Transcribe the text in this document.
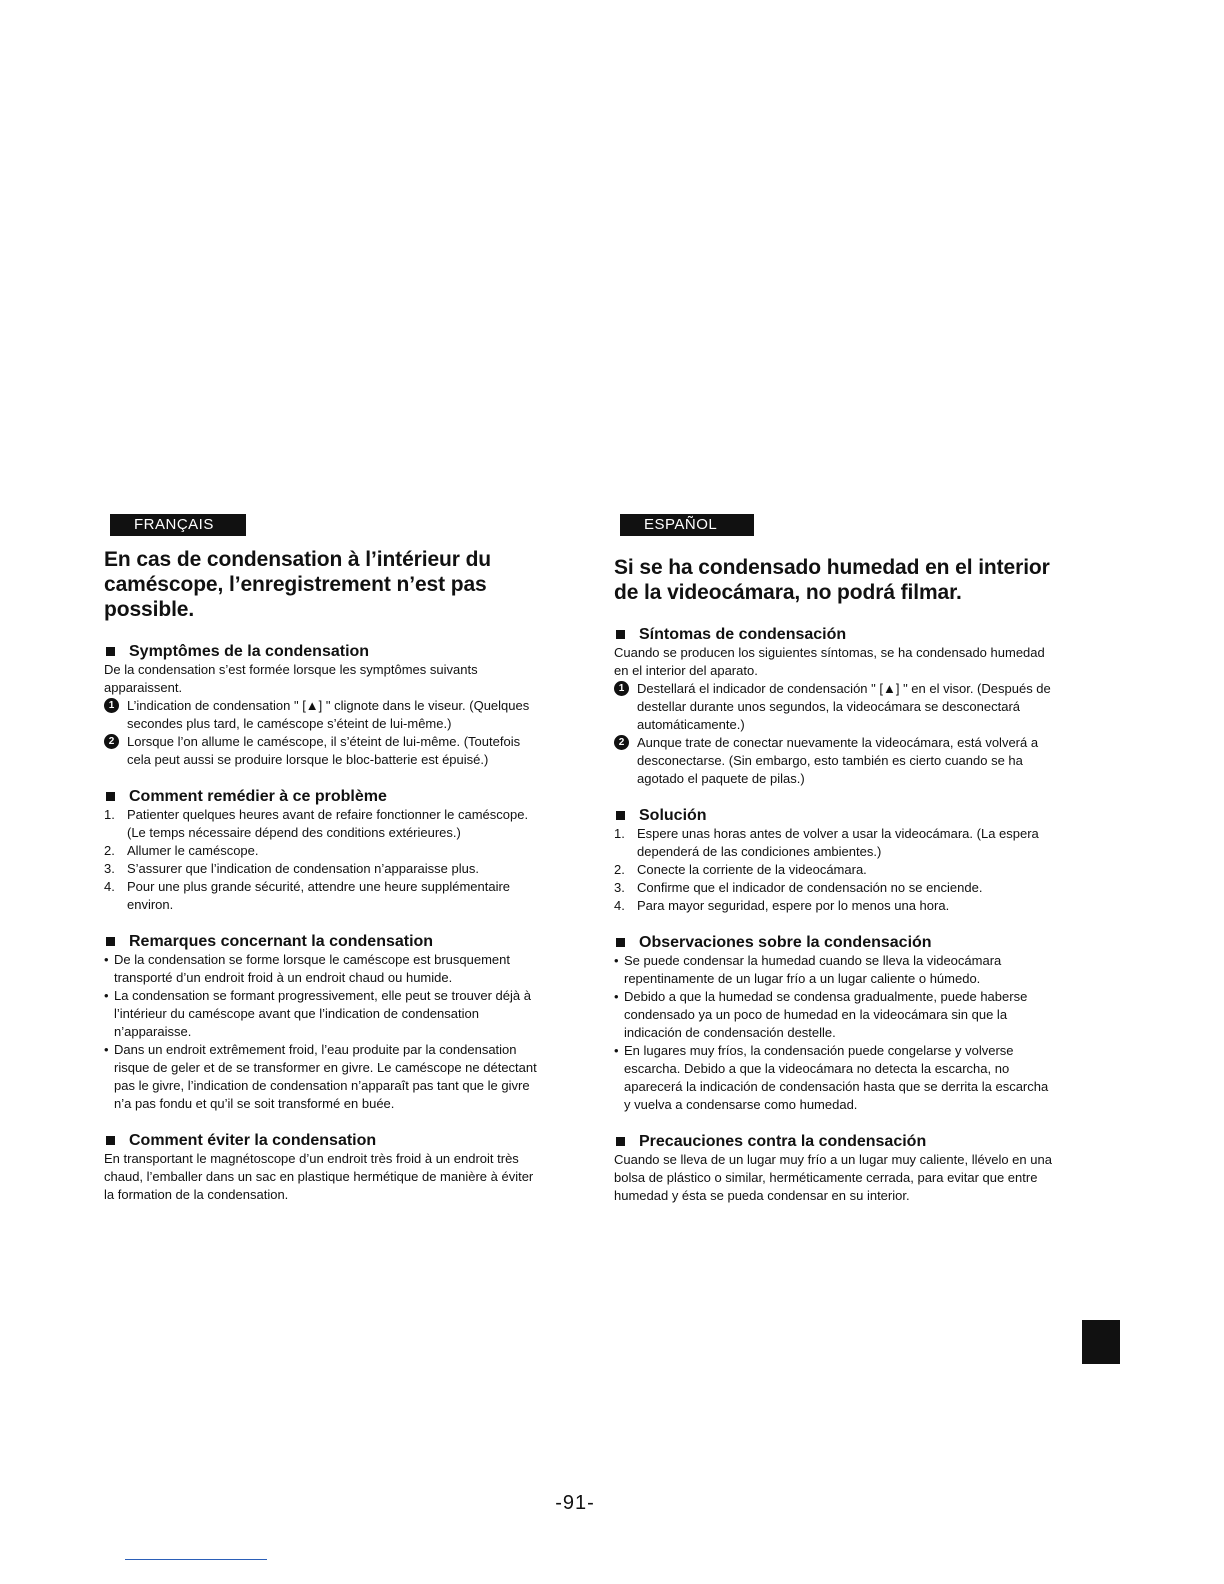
FRANÇAIS
En cas de condensation à l’intérieur du caméscope, l’enregistrement n’est pas possible.
Symptômes de la condensation

De la condensation s’est formée lorsque les symptômes suivants apparaissent.

1 L’indication de condensation " [▲] " clignote dans le viseur. (Quelques secondes plus tard, le caméscope s’éteint de lui-même.)
2 Lorsque l’on allume le caméscope, il s’éteint de lui-même. (Toutefois cela peut aussi se produire lorsque le bloc-batterie est épuisé.)
Comment remédier à ce problème
1. Patienter quelques heures avant de refaire fonctionner le caméscope. (Le temps nécessaire dépend des conditions extérieures.)
2. Allumer le caméscope.
3. S’assurer que l’indication de condensation n’apparaisse plus.
4. Pour une plus grande sécurité, attendre une heure supplémentaire environ.
Remarques concernant la condensation
• De la condensation se forme lorsque le caméscope est brusquement transporté d’un endroit froid à un endroit chaud ou humide.
• La condensation se formant progressivement, elle peut se trouver déjà à l’intérieur du caméscope avant que l’indication de condensation n’apparaisse.
• Dans un endroit extrêmement froid, l’eau produite par la condensation risque de geler et de se transformer en givre. Le caméscope ne détectant pas le givre, l’indication de condensation n’apparaît pas tant que le givre n’a pas fondu et qu’il se soit transformé en buée.
Comment éviter la condensation

En transportant le magnétoscope d’un endroit très froid à un endroit très chaud, l’emballer dans un sac en plastique hermétique de manière à éviter la formation de la condensation.

ESPAÑOL
Si se ha condensado humedad en el interior de la videocámara, no podrá filmar.
Síntomas de condensación

Cuando se producen los siguientes síntomas, se ha condensado humedad en el interior del aparato.

1 Destellará el indicador de condensación " [▲] " en el visor. (Después de destellar durante unos segundos, la videocámara se desconectará automáticamente.)
2 Aunque trate de conectar nuevamente la videocámara, está volverá a desconectarse. (Sin embargo, esto también es cierto cuando se ha agotado el paquete de pilas.)
Solución
1. Espere unas horas antes de volver a usar la videocámara. (La espera dependerá de las condiciones ambientes.)
2. Conecte la corriente de la videocámara.
3. Confirme que el indicador de condensación no se enciende.
4. Para mayor seguridad, espere por lo menos una hora.
Observaciones sobre la condensación
• Se puede condensar la humedad cuando se lleva la videocámara repentinamente de un lugar frío a un lugar caliente o húmedo.
• Debido a que la humedad se condensa gradualmente, puede haberse condensado ya un poco de humedad en la videocámara sin que la indicación de condensación destelle.
• En lugares muy fríos, la condensación puede congelarse y volverse escarcha. Debido a que la videocámara no detecta la escarcha, no aparecerá la indicación de condensación hasta que se derrita la escarcha y vuelva a condensarse como humedad.
Precauciones contra la condensación

Cuando se lleva de un lugar muy frío a un lugar muy caliente, llévelo en una bolsa de plástico o similar, herméticamente cerrada, para evitar que entre humedad y ésta se pueda condensar en su interior.

-91-
